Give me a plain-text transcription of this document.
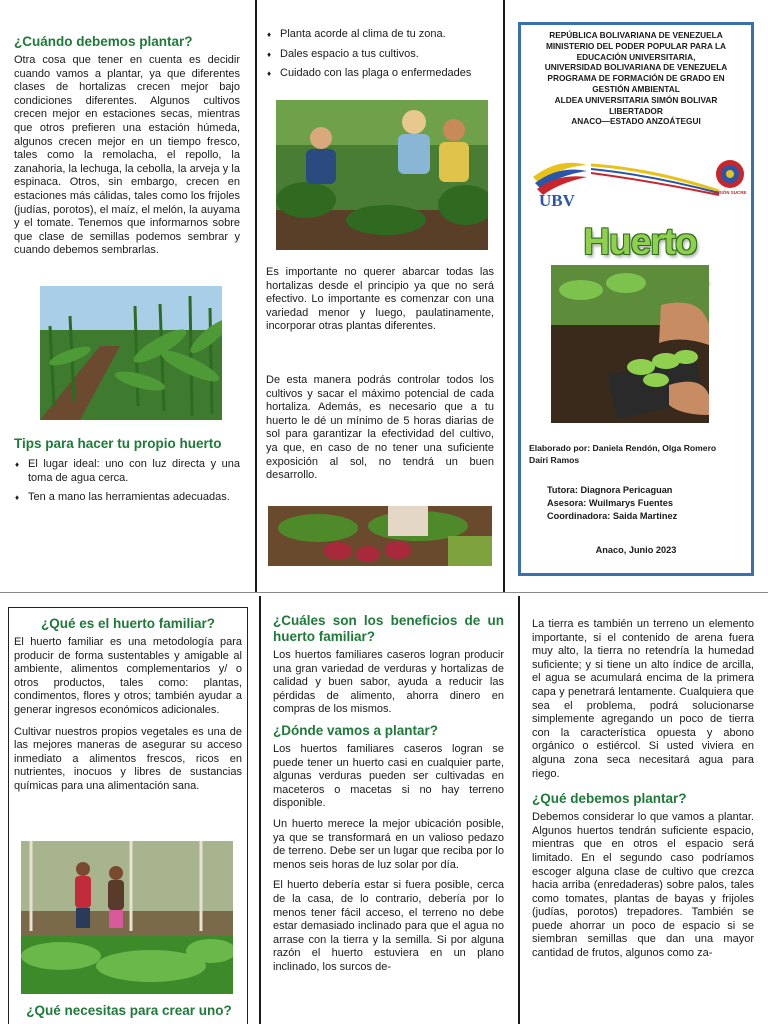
¿Cuándo debemos plantar?

Otra cosa que tener en cuenta es decidir cuando vamos a plantar, ya que diferentes clases de hortalizas crecen mejor bajo condiciones diferentes. Algunos cultivos crecen mejor en estaciones secas, mientras que otros prefieren una estación húmeda, algunos crecen mejor en un tiempo fresco, tales como la remolacha, el repollo, la zanahoria, la lechuga, la cebolla, la arveja y la espinaca. Otros, sin embargo, crecen en estaciones más cálidas, tales como los frijoles (judías, porotos), el maíz, el melón, la auyama y el tomate. Tenemos que informarnos sobre que clase de semillas podemos sembrar y cuando debemos sembrarlas.

Tips para hacer tu propio huerto
♦ El lugar ideal: uno con luz directa y una toma de agua cerca.
♦ Ten a mano las herramientas adecuadas.
♦ Planta acorde al clima de tu zona.
♦ Dales espacio a tus cultivos.
♦ Cuidado con las plaga o enfermedades

Es importante no querer abarcar todas las hortalizas desde el principio ya que no será efectivo. Lo importante es comenzar con una variedad menor y luego, paulatinamente, incorporar otras plantas diferentes.

De esta manera podrás controlar todos los cultivos y sacar el máximo potencial de cada hortaliza. Además, es necesario que a tu huerto le dé un mínimo de 5 horas diarias de sol para garantizar la efectividad del cultivo, ya que, en caso de no tener una suficiente exposición al sol, no tendrá un buen desarrollo.

REPÚBLICA BOLIVARIANA DE VENEZUELA

MINISTERIO DEL PODER POPULAR PARA LA

EDUCACIÓN UNIVERSITARIA,

UNIVERSIDAD BOLIVARIANA DE VENEZUELA

PROGRAMA DE FORMACIÓN DE GRADO EN

GESTIÓN AMBIENTAL

ALDEA UNIVERSITARIA SIMÓN BOLIVAR

LIBERTADOR

ANACO—ESTADO ANZOÁTEGUI

UBV	MISIÓN SUCRE
Huerto

Elaborado por: Daniela Rendón, Olga Romero

Dairi Ramos

Tutora: Diagnora Pericaguan

Asesora: Wuilmarys Fuentes

Coordinadora: Saida Martinez

Anaco, Junio 2023

¿Qué es el huerto familiar?

El huerto familiar es una metodología para producir de forma sustentables y amigable al ambiente, alimentos complementarios y/ o otros productos, tales como: plantas, condimentos, flores y otros; también ayudar a generar ingresos económicos adicionales.

Cultivar nuestros propios vegetales es una de las mejores maneras de asegurar su acceso inmediato a alimentos frescos, ricos en nutrientes, inocuos y libres de sustancias químicas para una alimentación sana.

¿Qué necesitas para crear uno?
¿Cuáles son los beneficios de un huerto familiar?

Los huertos familiares caseros logran producir una gran variedad de verduras y hortalizas de calidad y buen sabor, ayuda a reducir las pérdidas de alimento, ahorra dinero en compras de los mismos.

¿Dónde vamos a plantar?

Los huertos familiares caseros logran se puede tener un huerto casi en cualquier parte, algunas verduras pueden ser cultivadas en maceteros o macetas si no hay terreno disponible.

Un huerto merece la mejor ubicación posible, ya que se transformará en un valioso pedazo de terreno. Debe ser un lugar que reciba por lo menos seis horas de luz solar por día.

El huerto debería estar si fuera posible, cerca de la casa, de lo contrario, debería por lo menos tener fácil acceso, el terreno no debe estar demasiado inclinado para que el agua no arrase con la tierra y la semilla. Si por alguna razón el huerto estuviera en un plano inclinado, los surcos de-

La tierra es también un terreno un elemento importante, si el contenido de arena fuera muy alto, la tierra no retendría la humedad suficiente; y si tiene un alto índice de arcilla, el agua se acumulará encima de la primera capa y penetrará lentamente. Cualquiera que sea el problema, podrá solucionarse simplemente agregando un poco de tierra con la característica opuesta y abono orgánico o estiércol. Si usted viviera en alguna zona seca necesitará agua para riego.

¿Qué debemos plantar?

Debemos considerar lo que vamos a plantar. Algunos huertos tendrán suficiente espacio, mientras que en otros el espacio será limitado. En el segundo caso podríamos escoger alguna clase de cultivo que crezca hacia arriba (enredaderas) sobre palos, tales como tomates, plantas de bayas y frijoles (judías, porotos) trepadores. También se puede ahorrar un poco de espacio si se siembran semillas que dan una mayor cantidad de frutos, algunos como za-
